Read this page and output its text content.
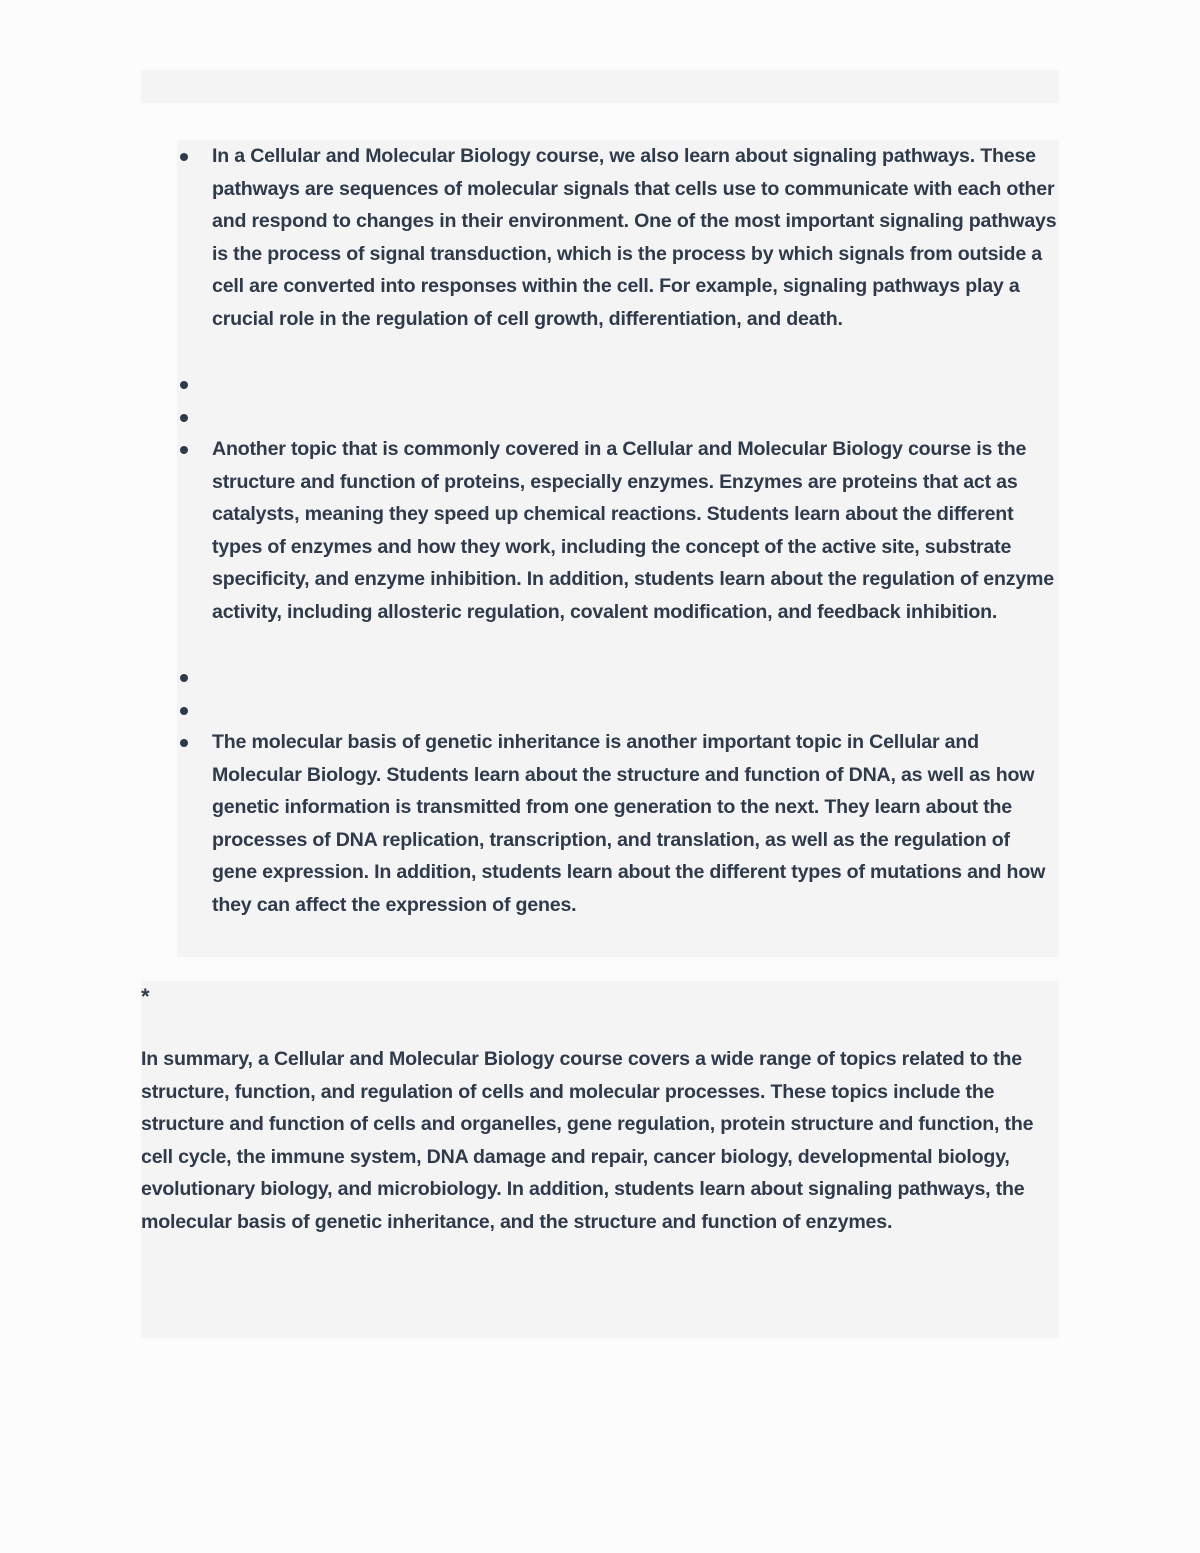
In a Cellular and Molecular Biology course, we also learn about signaling pathways. These pathways are sequences of molecular signals that cells use to communicate with each other and respond to changes in their environment. One of the most important signaling pathways is the process of signal transduction, which is the process by which signals from outside a cell are converted into responses within the cell. For example, signaling pathways play a crucial role in the regulation of cell growth, differentiation, and death.
Another topic that is commonly covered in a Cellular and Molecular Biology course is the structure and function of proteins, especially enzymes. Enzymes are proteins that act as catalysts, meaning they speed up chemical reactions. Students learn about the different types of enzymes and how they work, including the concept of the active site, substrate specificity, and enzyme inhibition. In addition, students learn about the regulation of enzyme activity, including allosteric regulation, covalent modification, and feedback inhibition.
The molecular basis of genetic inheritance is another important topic in Cellular and Molecular Biology. Students learn about the structure and function of DNA, as well as how genetic information is transmitted from one generation to the next. They learn about the processes of DNA replication, transcription, and translation, as well as the regulation of gene expression. In addition, students learn about the different types of mutations and how they can affect the expression of genes.
*

In summary, a Cellular and Molecular Biology course covers a wide range of topics related to the structure, function, and regulation of cells and molecular processes. These topics include the structure and function of cells and organelles, gene regulation, protein structure and function, the cell cycle, the immune system, DNA damage and repair, cancer biology, developmental biology, evolutionary biology, and microbiology. In addition, students learn about signaling pathways, the molecular basis of genetic inheritance, and the structure and function of enzymes.
